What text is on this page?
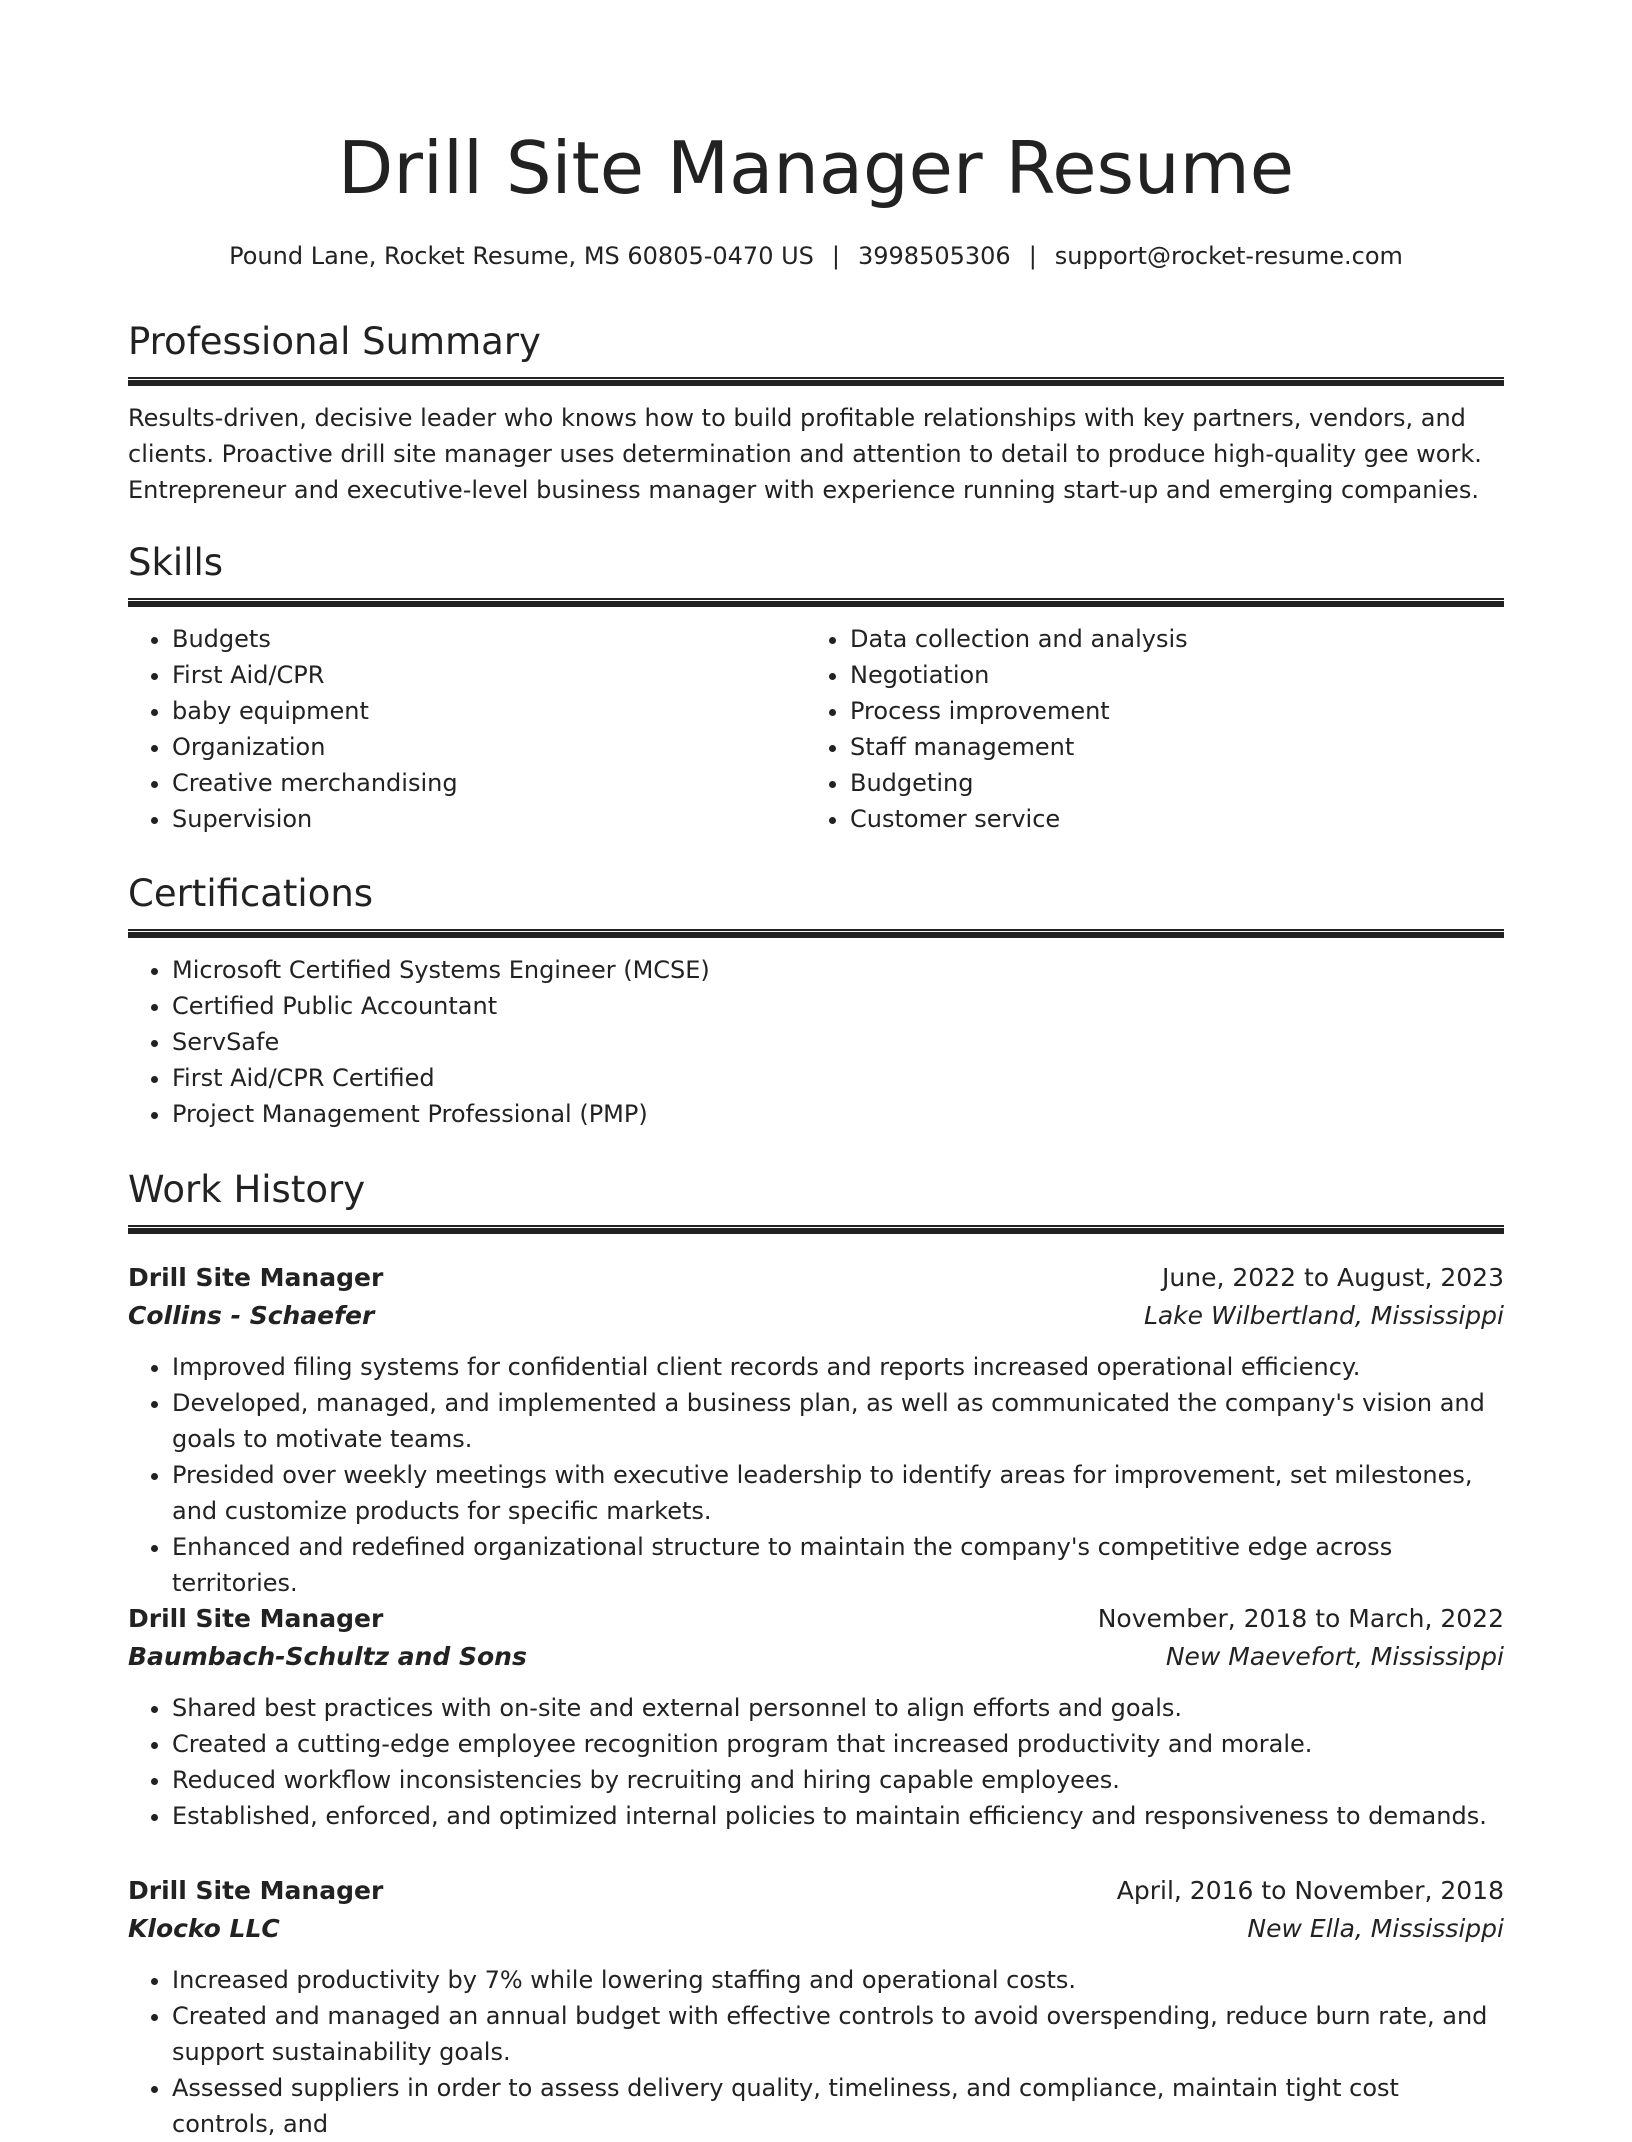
Drill Site Manager Resume
Pound Lane, Rocket Resume, MS 60805-0470 US | 3998505306 | support@rocket-resume.com
Professional Summary

Results-driven, decisive leader who knows how to build profitable relationships with key partners, vendors, and clients. Proactive drill site manager uses determination and attention to detail to produce high-quality gee work. Entrepreneur and executive-level business manager with experience running start-up and emerging companies.

Skills
• Budgets
• First Aid/CPR
• baby equipment
• Organization
• Creative merchandising
• Supervision
• Data collection and analysis
• Negotiation
• Process improvement
• Staff management
• Budgeting
• Customer service
Certifications
• Microsoft Certified Systems Engineer (MCSE)
• Certified Public Accountant
• ServSafe
• First Aid/CPR Certified
• Project Management Professional (PMP)
Work History
Drill Site Manager	June, 2022 to August, 2023
Collins - Schaefer	Lake Wilbertland, Mississippi
• Improved filing systems for confidential client records and reports increased operational efficiency.
• Developed, managed, and implemented a business plan, as well as communicated the company's vision and goals to motivate teams.
• Presided over weekly meetings with executive leadership to identify areas for improvement, set milestones, and customize products for specific markets.
• Enhanced and redefined organizational structure to maintain the company's competitive edge across territories.
Drill Site Manager	November, 2018 to March, 2022
Baumbach-Schultz and Sons	New Maevefort, Mississippi
• Shared best practices with on-site and external personnel to align efforts and goals.
• Created a cutting-edge employee recognition program that increased productivity and morale.
• Reduced workflow inconsistencies by recruiting and hiring capable employees.
• Established, enforced, and optimized internal policies to maintain efficiency and responsiveness to demands.
Drill Site Manager	April, 2016 to November, 2018
Klocko LLC	New Ella, Mississippi
• Increased productivity by 7% while lowering staffing and operational costs.
• Created and managed an annual budget with effective controls to avoid overspending, reduce burn rate, and support sustainability goals.
• Assessed suppliers in order to assess delivery quality, timeliness, and compliance, maintain tight cost controls, and
